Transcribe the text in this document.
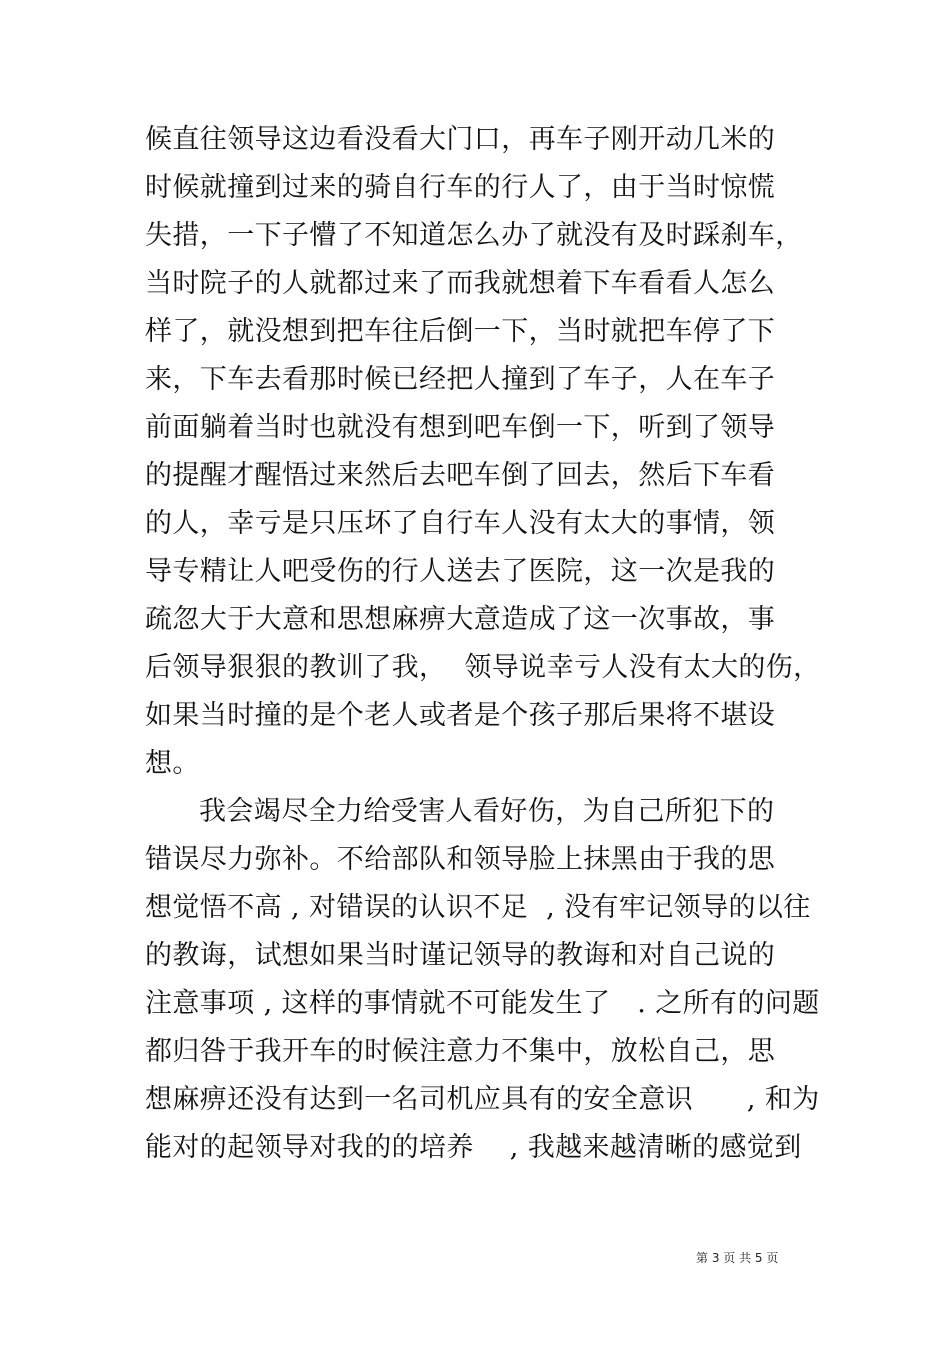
候直往领导这边看没看大门口，再车子刚开动几米的
时候就撞到过来的骑自行车的行人了，由于当时惊慌
失措，一下子懵了不知道怎么办了就没有及时踩刹车，
当时院子的人就都过来了而我就想着下车看看人怎么
样了，就没想到把车往后倒一下，当时就把车停了下
来，下车去看那时候已经把人撞到了车子，人在车子
前面躺着当时也就没有想到吧车倒一下，听到了领导
的提醒才醒悟过来然后去吧车倒了回去，然后下车看
的人，幸亏是只压坏了自行车人没有太大的事情，领
导专精让人吧受伤的行人送去了医院，这一次是我的
疏忽大于大意和思想麻痹大意造成了这一次事故，事
后领导狠狠的教训了我，  领导说幸亏人没有太大的伤，
如果当时撞的是个老人或者是个孩子那后果将不堪设
想。
我会竭尽全力给受害人看好伤，为自己所犯下的
错误尽力弥补。不给部队和领导脸上抹黑由于我的思
想觉悟不高 , 对错误的认识不足  , 没有牢记领导的以往
的教诲，试想如果当时谨记领导的教诲和对自己说的
注意事项 , 这样的事情就不可能发生了   . 之所有的问题
都归咎于我开车的时候注意力不集中，放松自己，思
想麻痹还没有达到一名司机应具有的安全意识      , 和为
能对的起领导对我的的培养    , 我越来越清晰的感觉到
第 3 页 共 5 页
